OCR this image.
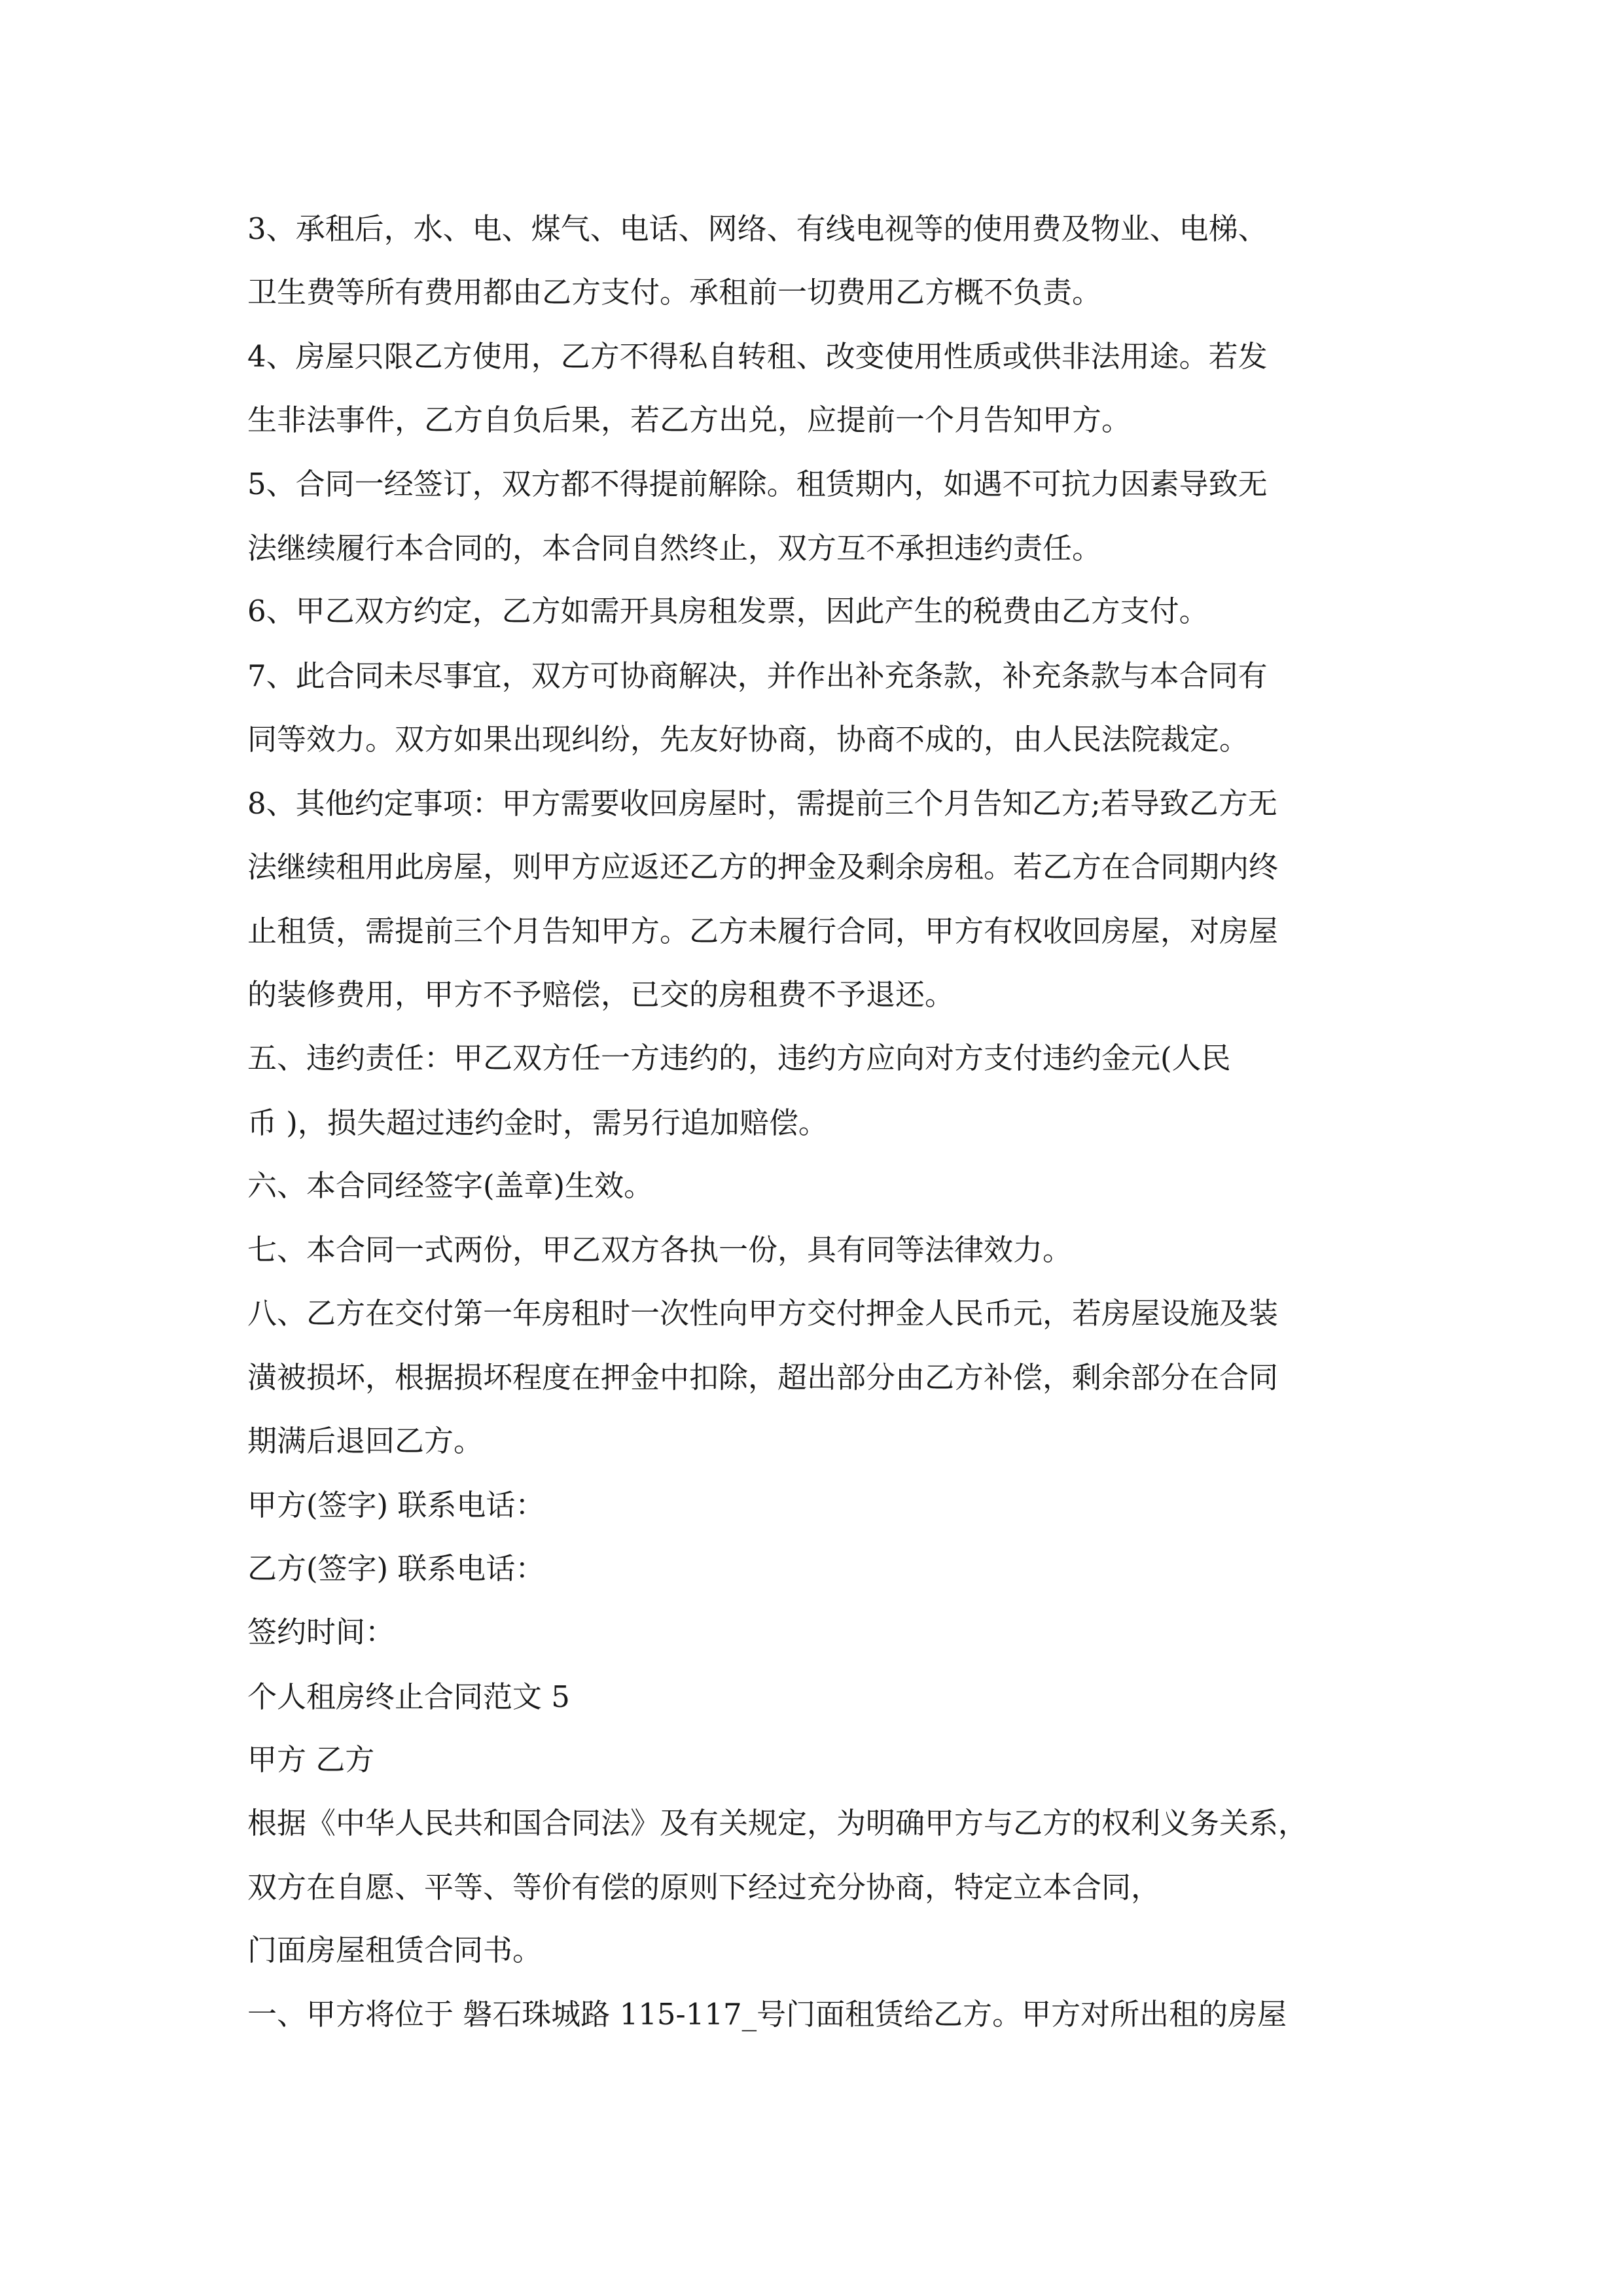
3、承租后，水、电、煤气、电话、网络、有线电视等的使用费及物业、电梯、
卫生费等所有费用都由乙方支付。承租前一切费用乙方概不负责。
4、房屋只限乙方使用，乙方不得私自转租、改变使用性质或供非法用途。若发
生非法事件，乙方自负后果，若乙方出兑，应提前一个月告知甲方。
5、合同一经签订，双方都不得提前解除。租赁期内，如遇不可抗力因素导致无
法继续履行本合同的，本合同自然终止，双方互不承担违约责任。
6、甲乙双方约定，乙方如需开具房租发票，因此产生的税费由乙方支付。
7、此合同未尽事宜，双方可协商解决，并作出补充条款，补充条款与本合同有
同等效力。双方如果出现纠纷，先友好协商，协商不成的，由人民法院裁定。
8、其他约定事项：甲方需要收回房屋时，需提前三个月告知乙方;若导致乙方无
法继续租用此房屋，则甲方应返还乙方的押金及剩余房租。若乙方在合同期内终
止租赁，需提前三个月告知甲方。乙方未履行合同，甲方有权收回房屋，对房屋
的装修费用，甲方不予赔偿，已交的房租费不予退还。
五、违约责任：甲乙双方任一方违约的，违约方应向对方支付违约金元(人民
币 )，损失超过违约金时，需另行追加赔偿。
六、本合同经签字(盖章)生效。
七、本合同一式两份，甲乙双方各执一份，具有同等法律效力。
八、乙方在交付第一年房租时一次性向甲方交付押金人民币元，若房屋设施及装
潢被损坏，根据损坏程度在押金中扣除，超出部分由乙方补偿，剩余部分在合同
期满后退回乙方。
甲方(签字) 联系电话：
乙方(签字) 联系电话：
签约时间：
个人租房终止合同范文 5
甲方 乙方
根据《中华人民共和国合同法》及有关规定，为明确甲方与乙方的权利义务关系，
双方在自愿、平等、等价有偿的原则下经过充分协商，特定立本合同，
门面房屋租赁合同书。
一、甲方将位于 磐石珠城路 115-117_号门面租赁给乙方。甲方对所出租的房屋
